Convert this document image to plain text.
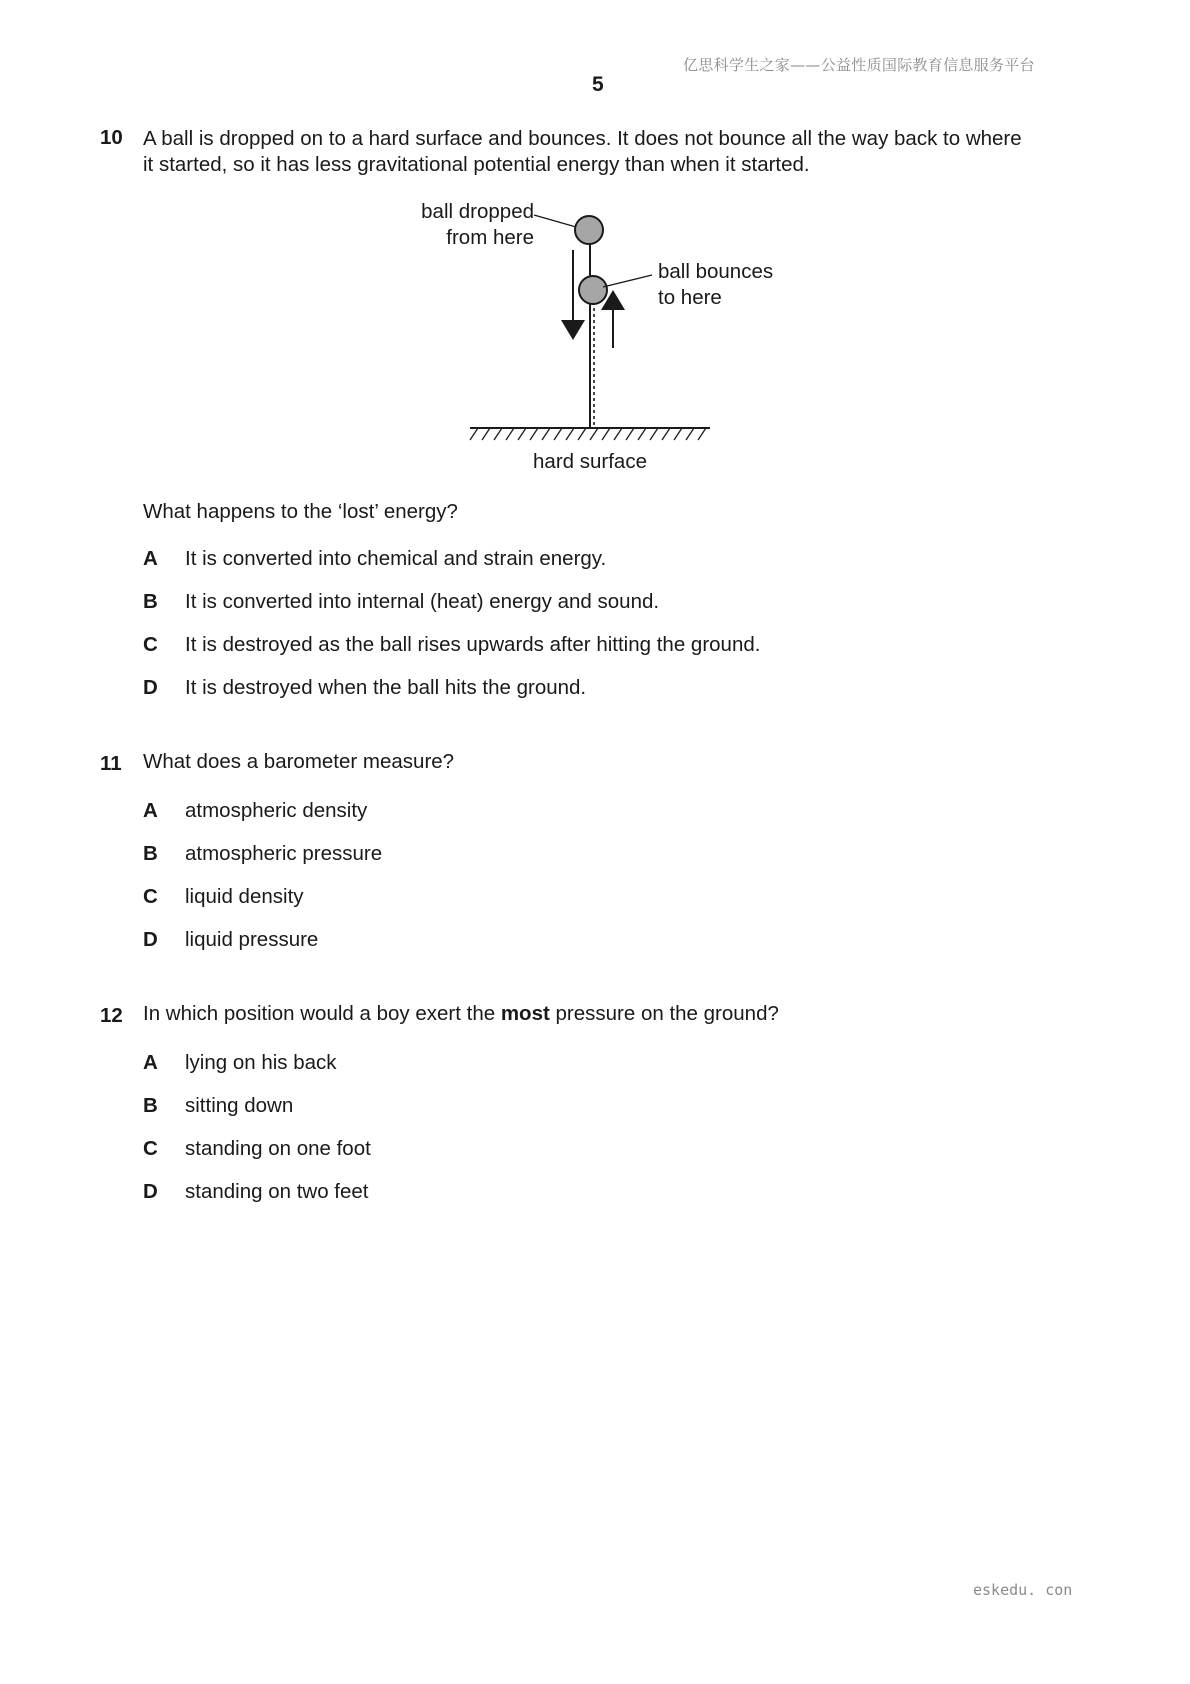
亿思科学生之家——公益性质国际教育信息服务平台
5
10 A ball is dropped on to a hard surface and bounces. It does not bounce all the way back to where
it started, so it has less gravitational potential energy than when it started.
ball dropped
from here
ball bounces
to here
hard surface
What happens to the ‘lost’ energy?
A It is converted into chemical and strain energy.
B It is converted into internal (heat) energy and sound.
C It is destroyed as the ball rises upwards after hitting the ground.
D It is destroyed when the ball hits the ground.
11 What does a barometer measure?
A atmospheric density
B atmospheric pressure
C liquid density
D liquid pressure
12 In which position would a boy exert the most pressure on the ground?
A lying on his back
B sitting down
C standing on one foot
D standing on two feet
eskedu. con
